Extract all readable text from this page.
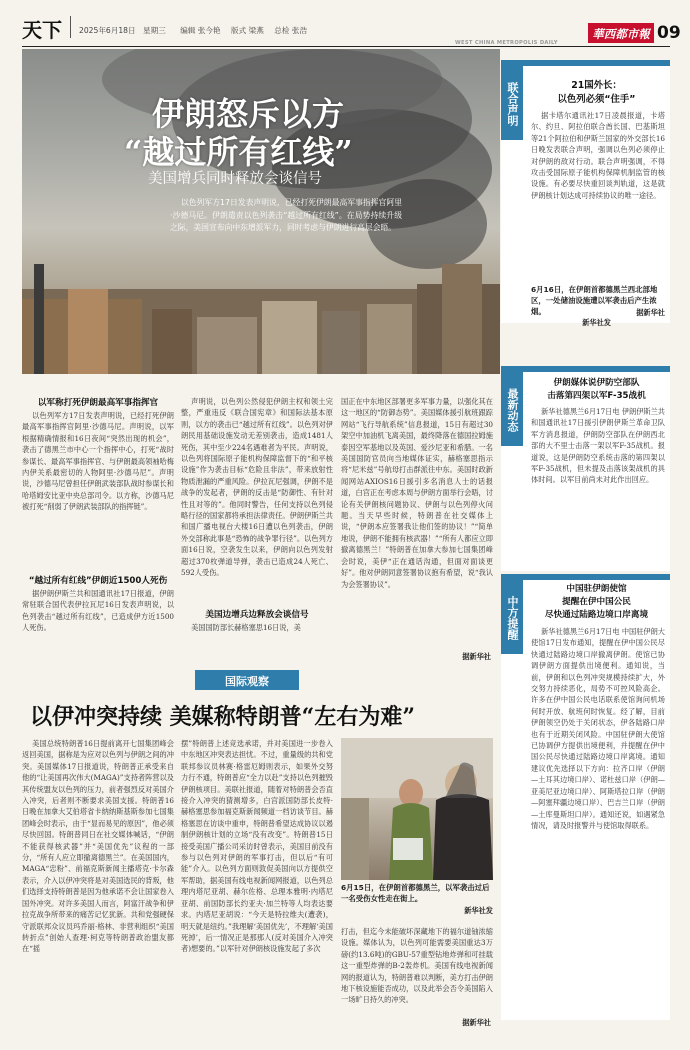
天下 2025年6月18日 星期三 编辑 张今艳 版式 梁燕 总检 张浩
WEST CHINA METROPOLIS DAILY
華西都市報 09
伊朗怒斥以方
“越过所有红线”
美国增兵同时释放会谈信号
以色列军方17日发表声明说，已经打死伊朗最高军事指挥官阿里·沙德马尼。伊朗遣责以色列袭击“越过所有红线”。在局势持续升级之际，美国宣布向中东增派军力，同时考虑与伊朗进行高层会晤。
联合声明	21国外长：
以色列必须“住手”
据卡塔尔通讯社17日凌晨报道，卡塔尔、约旦、阿拉伯联合酋长国、巴基斯坦等21个阿拉伯和伊斯兰国家的外交部长16日晚发表联合声明，强调以色列必须停止对伊朗的敌对行动。联合声明强调，不得攻击受国际原子能机构保障机制监管的核设施。有必要尽快重回谈判轨道，这是就伊朗核计划达成可持续协议的唯一途径。
据新华社
6月16日，在伊朗首都德黑兰西北部地区，一处储油设施遭以军袭击后产生浓烟。
新华社发
以军称打死伊朗最高军事指挥官
以色列军方17日发表声明说，已经打死伊朗最高军事指挥官阿里·沙德马尼。声明说，以军根据精确情报和16日夜间“突然出现的机会”，袭击了德黑兰市中心一个指挥中心，打死“战时参谋长、最高军事指挥官、与伊朗最高领袖哈梅内伊关系最密切的人物阿里·沙德马尼”。声明说，沙德马尼曾担任伊朗武装部队战时参谋长和哈塔姆安比亚中央总部司令。以方称，沙德马尼被打死“削弱了伊朗武装部队的指挥链”。
“越过所有红线”伊朗近1500人死伤
据伊朗伊斯兰共和国通讯社17日报道，伊朗常驻联合国代表伊拉瓦尼16日发表声明说，以色列袭击“越过所有红线”，已造成伊方近1500人死伤。
声明说，以色列公然侵犯伊朗主权和领土完整，严重违反《联合国宪章》和国际法基本原则，以方的袭击已“越过所有红线”。以色列对伊朗民用基础设施发动无差别袭击，造成1481人死伤，其中至少224名遇难者为平民。声明说，以色列将国际原子能机构保障监督下的“和平核设施”作为袭击目标“危险且非法”，带来放射性物质泄漏的严重风险。伊拉瓦尼强调，伊朗不是战争的发起者，伊朗的反击是“防御性、有针对性且对等的”。他同时警告，任何支持以色列侵略行径的国家都将承担法律责任。伊朗伊斯兰共和国广播电视台大楼16日遭以色列袭击，伊朗外交部称此事是“恐怖的战争罪行径”。以色列方面16日说，空袭发生以来，伊朗向以色列发射超过370枚弹道导弹，袭击已造成24人死亡、592人受伤。
美国边增兵边释放会谈信号
美国国防部长赫格塞思16日说，美
国正在中东地区部署更多军事力量，以强化其在这一地区的“防御态势”。美国媒体援引航班跟踪网站“飞行导航系统”信息报道，15日有超过30架空中加油机飞离美国，最终降落在德国拉姆施泰因空军基地以及英国、爱沙尼亚和希腊。一名美国国防官员向当地媒体证实，赫格塞思指示将“尼米兹”号航母打击群派往中东。美国时政新闻网站AXIOS16日援引多名消息人士的话报道，白宫正在考虑本周与伊朗方面举行会晤，讨论有关伊朗核问题协议、伊朗与以色列停火问题。当天早些时候，特朗普在社交媒体上说，“伊朗本应签署我让他们签的协议！”“简单地说，伊朗不能拥有核武器！”“所有人都应立即撤离德黑兰！”特朗普在加拿大参加七国集团峰会时说，美伊“正在通话沟通，但面对面谈更好”。他对伊朗同意签署协议抱有希望，说“我认为会签署协议”。
据新华社
最新动态
伊朗媒体说伊防空部队
击落第四架以军F-35战机
新华社德黑兰6月17日电 伊朗伊斯兰共和国通讯社17日援引伊朗伊斯兰革命卫队军方消息报道，伊朗防空部队在伊朗西北部的大不里士击落一架以军F-35战机。报道说，这是伊朗防空系统击落的第四架以军F-35战机，但未提及击落该架战机的具体时间。以军目前尚未对此作出回应。
中方提醒
中国驻伊朗使馆
提醒在伊中国公民
尽快通过陆路边境口岸离境
新华社德黑兰6月17日电 中国驻伊朗大使馆17日发布通知，提醒在伊中国公民尽快通过陆路边境口岸撤离伊朗。使馆已协调伊朗方面提供出境便利。通知说，当前，伊朗和以色列冲突规模持续扩大，外交努力持续恶化，局势不可控风险高企。许多在伊中国公民电话联系使馆询问机场何时开放、航班何时恢复。经了解，目前伊朗领空仍处于关闭状态，伊各陆路口岸也有于近期关闭风险。中国驻伊朗大使馆已协调伊方提供出境便利，并提醒在伊中国公民尽快通过陆路边境口岸离境。通知建议优先选择以下方向：拉齐口岸（伊朗—土耳其边境口岸）、诺杜兹口岸（伊朗—亚美尼亚边境口岸）、阿斯塔拉口岸（伊朗—阿塞拜疆边境口岸）、巴吉兰口岸（伊朗—土库曼斯坦口岸）。通知还说，如遇紧急情况，请及时报警并与使馆取得联系。
国际观察
以伊冲突持续 美媒称特朗普“左右为难”
美国总统特朗普16日提前离开七国集团峰会返回美国，据称是为应对以色列与伊朗之间的冲突。美国媒体17日报道说，特朗普正承受来自他的“让美国再次伟大(MAGA)”支持者阵营以及其传统盟友以色列的压力，前者强烈反对美国介入冲突，后者则不断要求美国支援。特朗普16日晚在加拿大艾伯塔省卡纳纳斯基斯参加七国集团峰会时表示，由于“显而易见的原因”，他必须尽快回国。特朗普同日在社交媒体喊话，“伊朗不能获得核武器”并“美国优先”议程的一部分，“所有人应立即撤离德黑兰”。在美国国内，MAGA“忠粉”、前福克斯新闻主播塔克·卡尔森表示，介入以伊冲突将是对美国选民的背叛，他们选择支持特朗普是因为他承诺不会让国家卷入国外冲突。对许多美国人而言，阿富汗战争和伊拉克战争所带来的痛苦记忆犹新。共和党强硬保守派联邦众议员玛乔丽·格林、非营利组织“美国转折点”创始人查理·柯克等特朗普政治盟友都在“摇
摆”特朗普上述竞选承诺，并对美国进一步卷入中东地区冲突表达担忧。不过，重量级的共和党联邦参议员林赛·格雷厄姆则表示，如果外交努力行不通，特朗普应“全力以赴”支持以色列摧毁伊朗核项目。美联社报道，随着对特朗普会否直接介入冲突的猜测增多，白宫派国防部长皮特·赫格塞思参加福克斯新闻频道一档访谈节目。赫格塞思在访谈中重申，特朗普希望达成协议以遏制伊朗核计划的立场“没有改变”。特朗普15日接受美国广播公司采访时曾表示，美国目前没有参与以色列对伊朗的军事打击，但以后“有可能”介入。以色列方面则敦促美国向以方提供空军帮助，据美国有线电视新闻网报道，以色列总理内塔尼亚胡、赫尔佐格、总理本雅明·内塔尼亚胡、前国防部长约亚夫·加兰特等人均表达要求。内塔尼亚胡说：“今天是特拉维夫(遭袭)，明天就是纽约。”我理解‘美国优先’，不理解‘美国死掉’，后一情况正是那那人(反对美国介入冲突者)想要的。”以军针对伊朗核设施发起了多次
6月15日，在伊朗首都德黑兰，以军袭击过后一名受伤女性走在街上。
新华社发
打击，但迄今未能破坏深藏地下的福尔道铀浓缩设施。媒体认为，以色列可能需要美国重达3万磅(约13.6吨)的GBU-57重型钻地炸弹和可挂载这一重型炸弹的B-2轰炸机。美国有线电视新闻网的报道认为，特朗普难以判断，美方打击伊朗地下核设施能否成功，以及此举会否令美国陷入一场旷日持久的冲突。
据新华社
